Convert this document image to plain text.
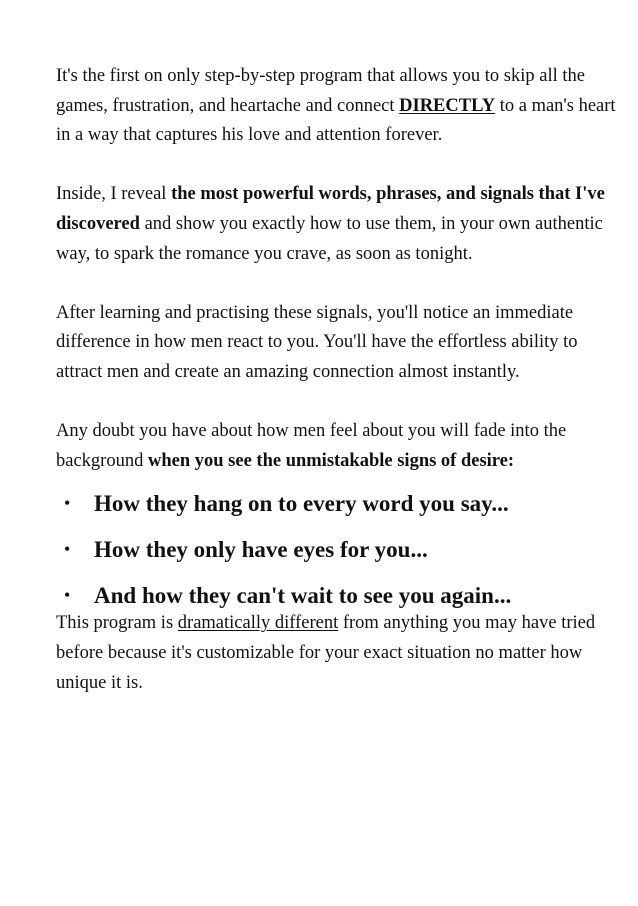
It's the first on only step-by-step program that allows you to skip all the games, frustration, and heartache and connect DIRECTLY to a man's heart in a way that captures his love and attention forever.

Inside, I reveal the most powerful words, phrases, and signals that I've discovered and show you exactly how to use them, in your own authentic way, to spark the romance you crave, as soon as tonight.

After learning and practising these signals, you'll notice an immediate difference in how men react to you. You'll have the effortless ability to attract men and create an amazing connection almost instantly.

Any doubt you have about how men feel about you will fade into the background when you see the unmistakable signs of desire:

• How they hang on to every word you say...
• How they only have eyes for you...
• And how they can't wait to see you again...

This program is dramatically different from anything you may have tried before because it's customizable for your exact situation no matter how unique it is.
